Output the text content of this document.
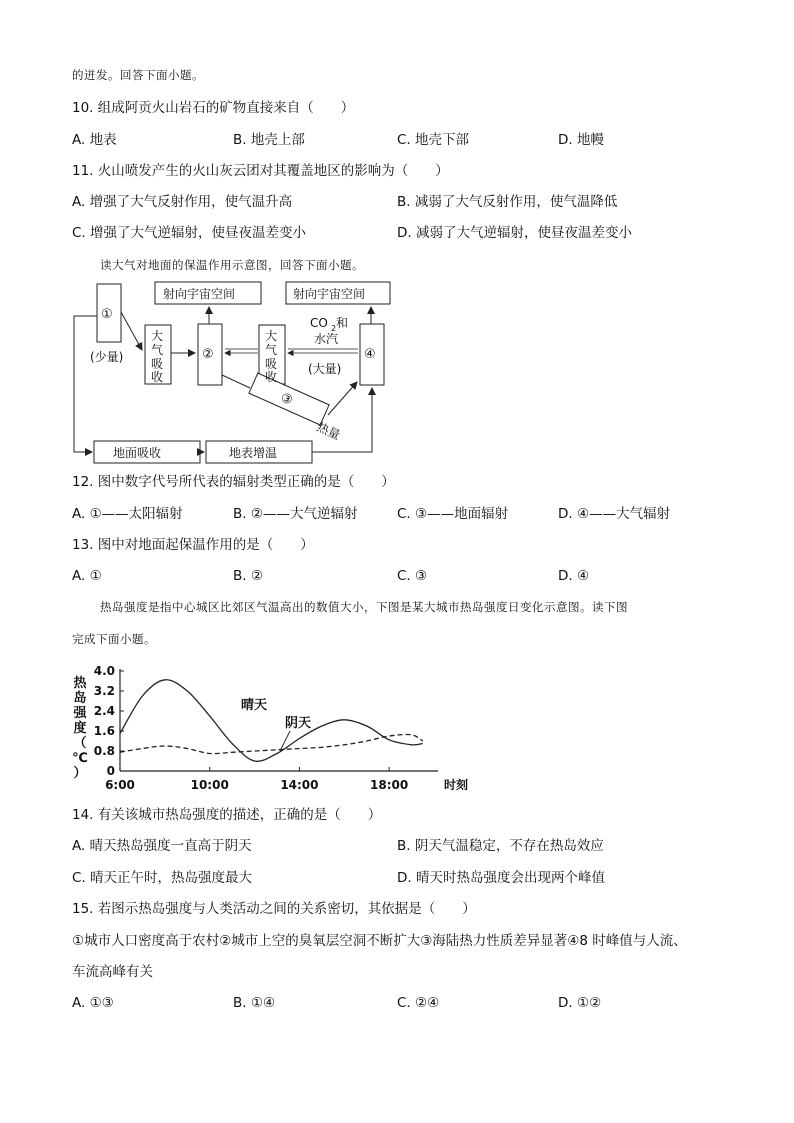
的迸发。回答下面小题。
10. 组成阿贡火山岩石的矿物直接来自（　　）
A. 地表	B. 地壳上部	C. 地壳下部	D. 地幔
11. 火山喷发产生的火山灰云团对其覆盖地区的影响为（　　）
A. 增强了大气反射作用，使气温升高	B. 减弱了大气反射作用，使气温降低
C. 增强了大气逆辐射，使昼夜温差变小	D. 减弱了大气逆辐射，使昼夜温差变小
读大气对地面的保温作用示意图，回答下面小题。
①
(少量)
射向宇宙空间	射向宇宙空间
大
气
吸
收
大
气
吸
收
②	④
CO 2 和
水汽
(大量)
③
热量
地面吸收	地表增温
12. 图中数字代号所代表的辐射类型正确的是（　　）
A. ①——太阳辐射	B. ②——大气逆辐射	C. ③——地面辐射	D. ④——大气辐射
13. 图中对地面起保温作用的是（　　）
A. ①	B. ②	C. ③	D. ④
热岛强度是指中心城区比郊区气温高出的数值大小，下图是某大城市热岛强度日变化示意图。读下图
完成下面小题。
4.0
3.2
2.4
1.6
0.8
0
6:00	10:00	14:00	18:00	时刻
热
岛
强
度
（
℃
）
晴天
阴天
14. 有关该城市热岛强度的描述，正确的是（　　）
A. 晴天热岛强度一直高于阴天	B. 阴天气温稳定，不存在热岛效应
C. 晴天正午时，热岛强度最大	D. 晴天时热岛强度会出现两个峰值
15. 若图示热岛强度与人类活动之间的关系密切，其依据是（　　）
①城市人口密度高于农村②城市上空的臭氧层空洞不断扩大③海陆热力性质差异显著④8 时峰值与人流、
车流高峰有关
A. ①③	B. ①④	C. ②④	D. ①②
